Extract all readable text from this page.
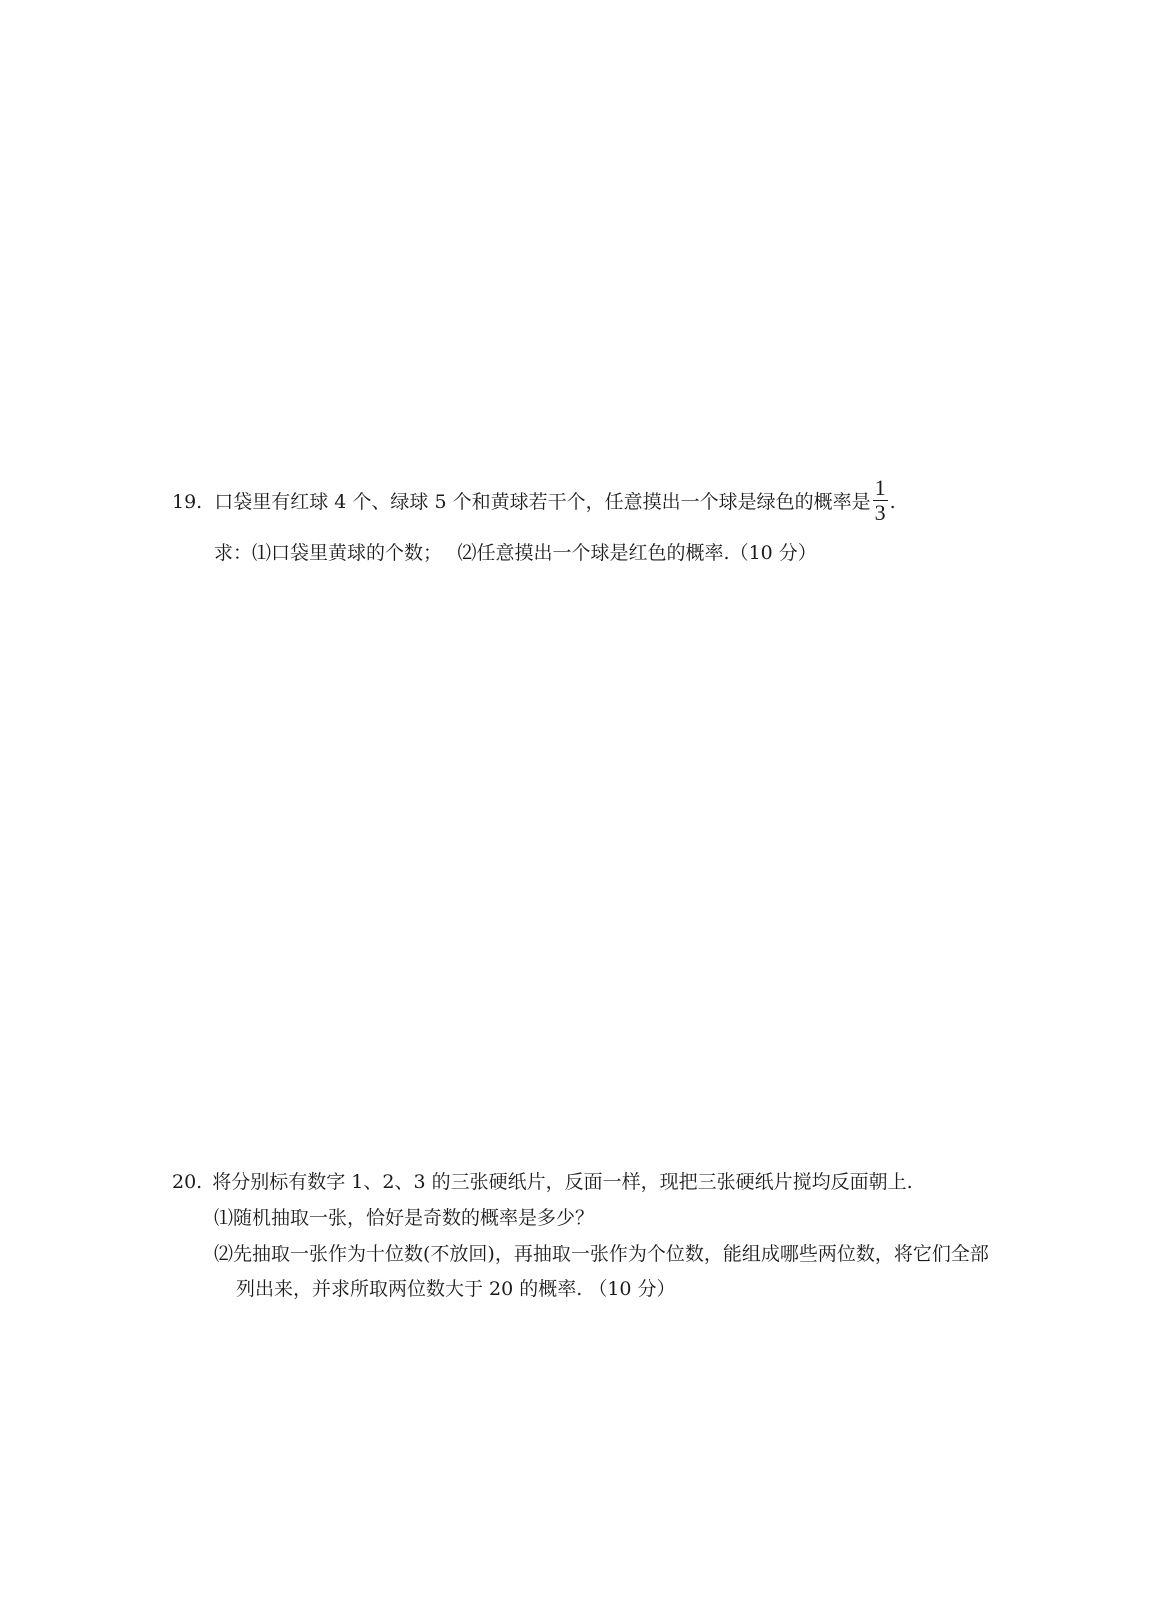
19. 口袋里有红球 4 个、绿球 5 个和黄球若干个，任意摸出一个球是绿色的概率是 $\frac{1}{3}$ .
求：⑴口袋里黄球的个数；　 ⑵任意摸出一个球是红色的概率.（10 分）
20. 将分别标有数字 1、2、3 的三张硬纸片，反面一样，现把三张硬纸片搅均反面朝上.
⑴随机抽取一张，恰好是奇数的概率是多少？
⑵先抽取一张作为十位数(不放回)，再抽取一张作为个位数，能组成哪些两位数，将它们全部
列出来，并求所取两位数大于 20 的概率. （10 分）
